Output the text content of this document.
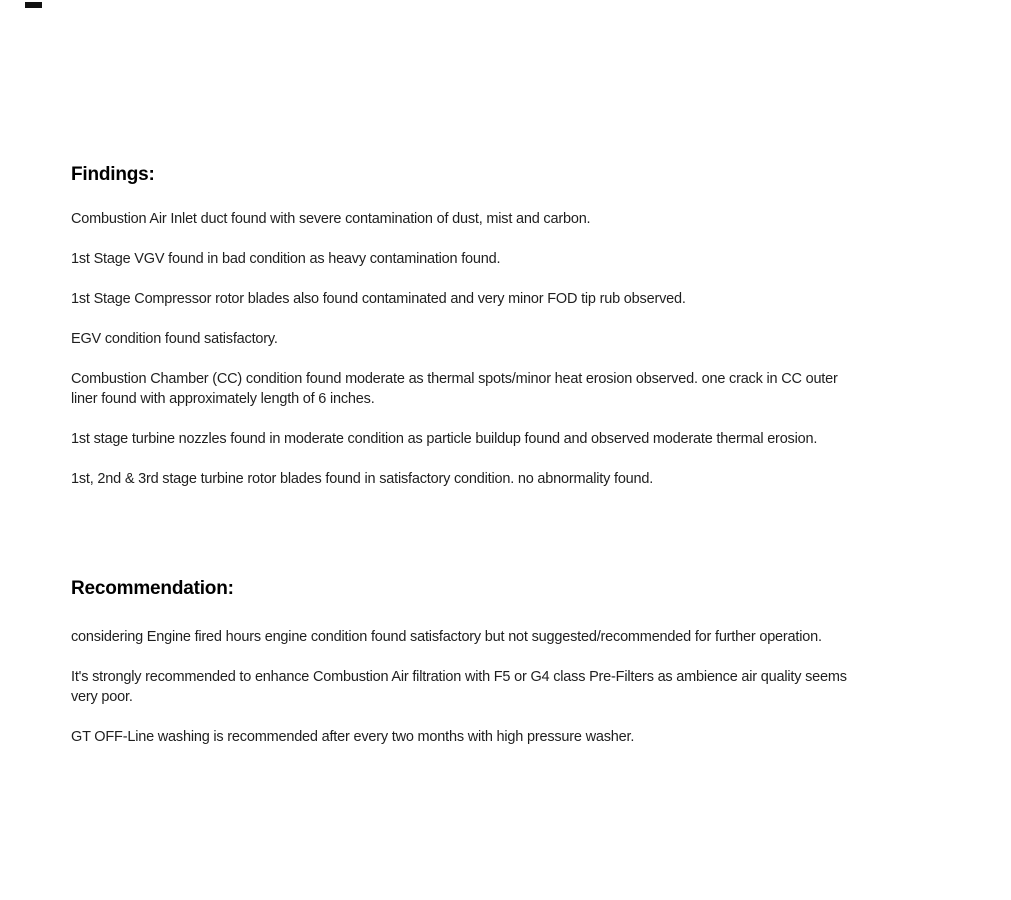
Findings:
Combustion Air Inlet duct found with severe contamination of dust, mist and carbon.
1st Stage VGV found in bad condition as heavy contamination found.
1st Stage Compressor rotor blades also found contaminated and very minor FOD tip rub observed.
EGV condition found satisfactory.
Combustion Chamber (CC) condition found moderate as thermal spots/minor heat erosion observed. one crack in CC outer
liner found with approximately length of 6 inches.
1st stage turbine nozzles found in moderate condition as particle buildup found and observed moderate thermal erosion.
1st, 2nd & 3rd stage turbine rotor blades found in satisfactory condition. no abnormality found.
Recommendation:
considering Engine fired hours engine condition found satisfactory but not suggested/recommended for further operation.
It's strongly recommended to enhance Combustion Air filtration with F5 or G4 class Pre-Filters as ambience air quality seems
very poor.
GT OFF-Line washing is recommended after every two months with high pressure washer.
